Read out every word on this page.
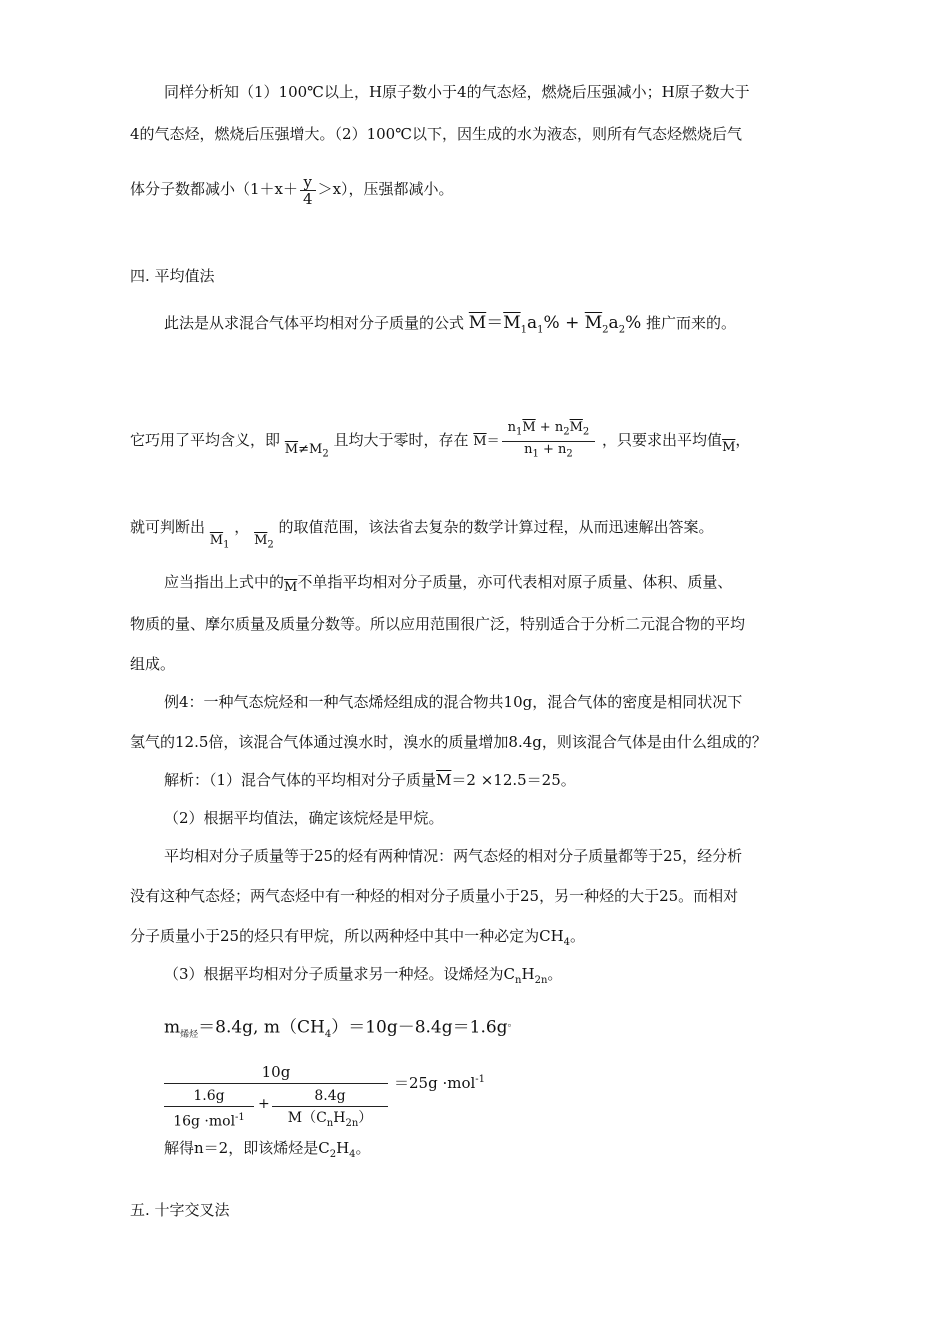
同样分析知（1）100℃以上，H原子数小于4的气态烃，燃烧后压强减小；H原子数大于
4的气态烃，燃烧后压强增大。（2）100℃以下，因生成的水为液态，则所有气态烃燃烧后气
体分子数都减小$(1+x+ \frac{y}{4} >x)$，压强都减小。
四. 平均值法
此法是从求混合气体平均相对分子质量的公式 $\overline{M}=\overline{M}_1a_1\% + \overline{M}_2a_2\%$ 推广而来的。
它巧用了平均含义，即 $\overline{M}\ne M_2$ 且均大于零时，存在 $\overline{M}= \frac{n_1\overline{M} + n_2\overline{M}_2}{n_1 + n_2}$ ，只要求出平均值$\overline{M}$，
就可判断出 $\overline{M}_1$ ， $\overline{M}_2$ 的取值范围，该法省去复杂的数学计算过程，从而迅速解出答案。
应当指出上式中的$\overline{M}$不单指平均相对分子质量，亦可代表相对原子质量、体积、质量、
物质的量、摩尔质量及质量分数等。所以应用范围很广泛，特别适合于分析二元混合物的平均
组成。
例4：一种气态烷烃和一种气态烯烃组成的混合物共10g，混合气体的密度是相同状况下
氢气的12.5倍，该混合气体通过溴水时，溴水的质量增加8.4g，则该混合气体是由什么组成的？
解析：（1）混合气体的平均相对分子质量$\overline{M}=2 \times 12.5=25$。
（2）根据平均值法，确定该烷烃是甲烷。
平均相对分子质量等于25的烃有两种情况：两气态烃的相对分子质量都等于25，经分析
没有这种气态烃；两气态烃中有一种烃的相对分子质量小于25，另一种烃的大于25。而相对
分子质量小于25的烃只有甲烷，所以两种烃中其中一种必定为$CH_4$。
（3）根据平均相对分子质量求另一种烃。设烯烃为$C_nH_{2n}$。
$m_{烯烃}=8.4g$, $m(CH_4)=10g-8.4g=1.6g^。$
10g
1.6g
16g ·mol$^{-1}$
+	8.4g
$M(C_nH_{2n})$
＝25g ·mol$^{-1}$
解得n＝2，即该烯烃是$C_2H_4$。
五. 十字交叉法
